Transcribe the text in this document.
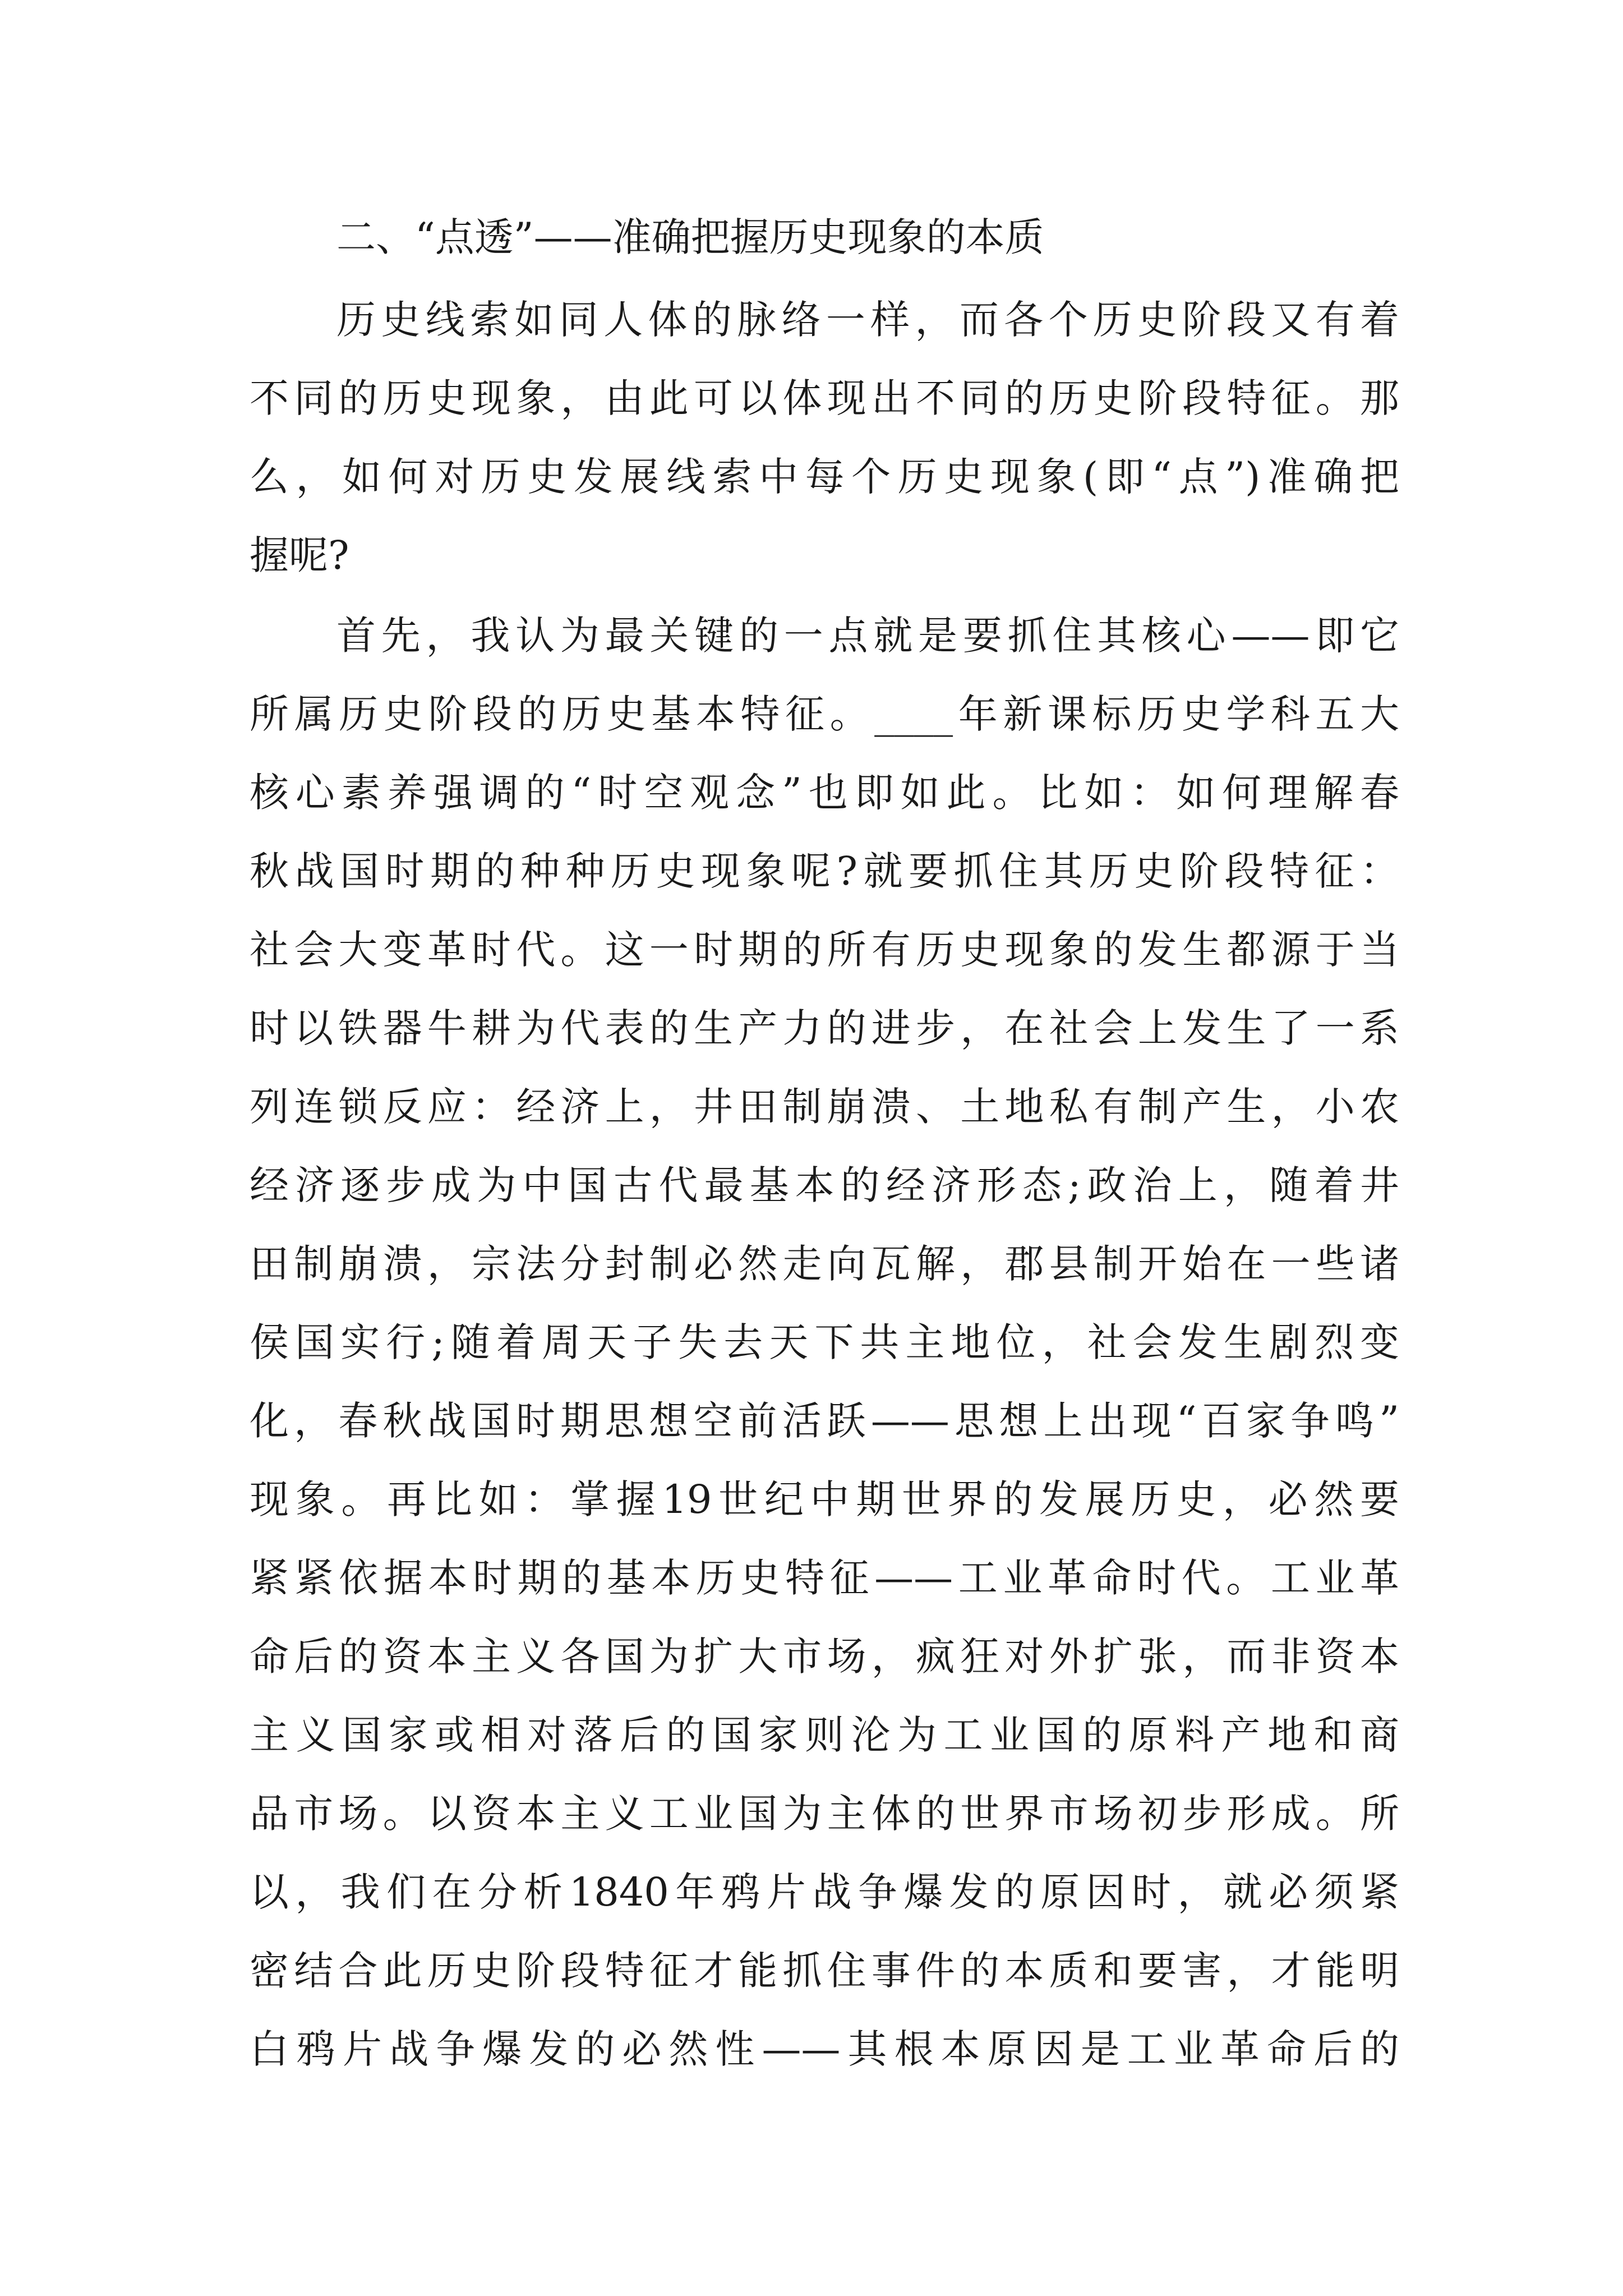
二、“点透”——准确把握历史现象的本质
历史线索如同人体的脉络一样，而各个历史阶段又有着
不同的历史现象，由此可以体现出不同的历史阶段特征。那
么，如何对历史发展线索中每个历史现象(即“点”)准确把
握呢?
首先，我认为最关键的一点就是要抓住其核心——即它
所属历史阶段的历史基本特征。____年新课标历史学科五大
核心素养强调的“时空观念”也即如此。比如：如何理解春
秋战国时期的种种历史现象呢?就要抓住其历史阶段特征：
社会大变革时代。这一时期的所有历史现象的发生都源于当
时以铁器牛耕为代表的生产力的进步，在社会上发生了一系
列连锁反应：经济上，井田制崩溃、土地私有制产生，小农
经济逐步成为中国古代最基本的经济形态;政治上，随着井
田制崩溃，宗法分封制必然走向瓦解，郡县制开始在一些诸
侯国实行;随着周天子失去天下共主地位，社会发生剧烈变
化，春秋战国时期思想空前活跃——思想上出现“百家争鸣”
现象。再比如：掌握19世纪中期世界的发展历史，必然要
紧紧依据本时期的基本历史特征——工业革命时代。工业革
命后的资本主义各国为扩大市场，疯狂对外扩张，而非资本
主义国家或相对落后的国家则沦为工业国的原料产地和商
品市场。以资本主义工业国为主体的世界市场初步形成。所
以，我们在分析1840年鸦片战争爆发的原因时，就必须紧
密结合此历史阶段特征才能抓住事件的本质和要害，才能明
白鸦片战争爆发的必然性——其根本原因是工业革命后的
